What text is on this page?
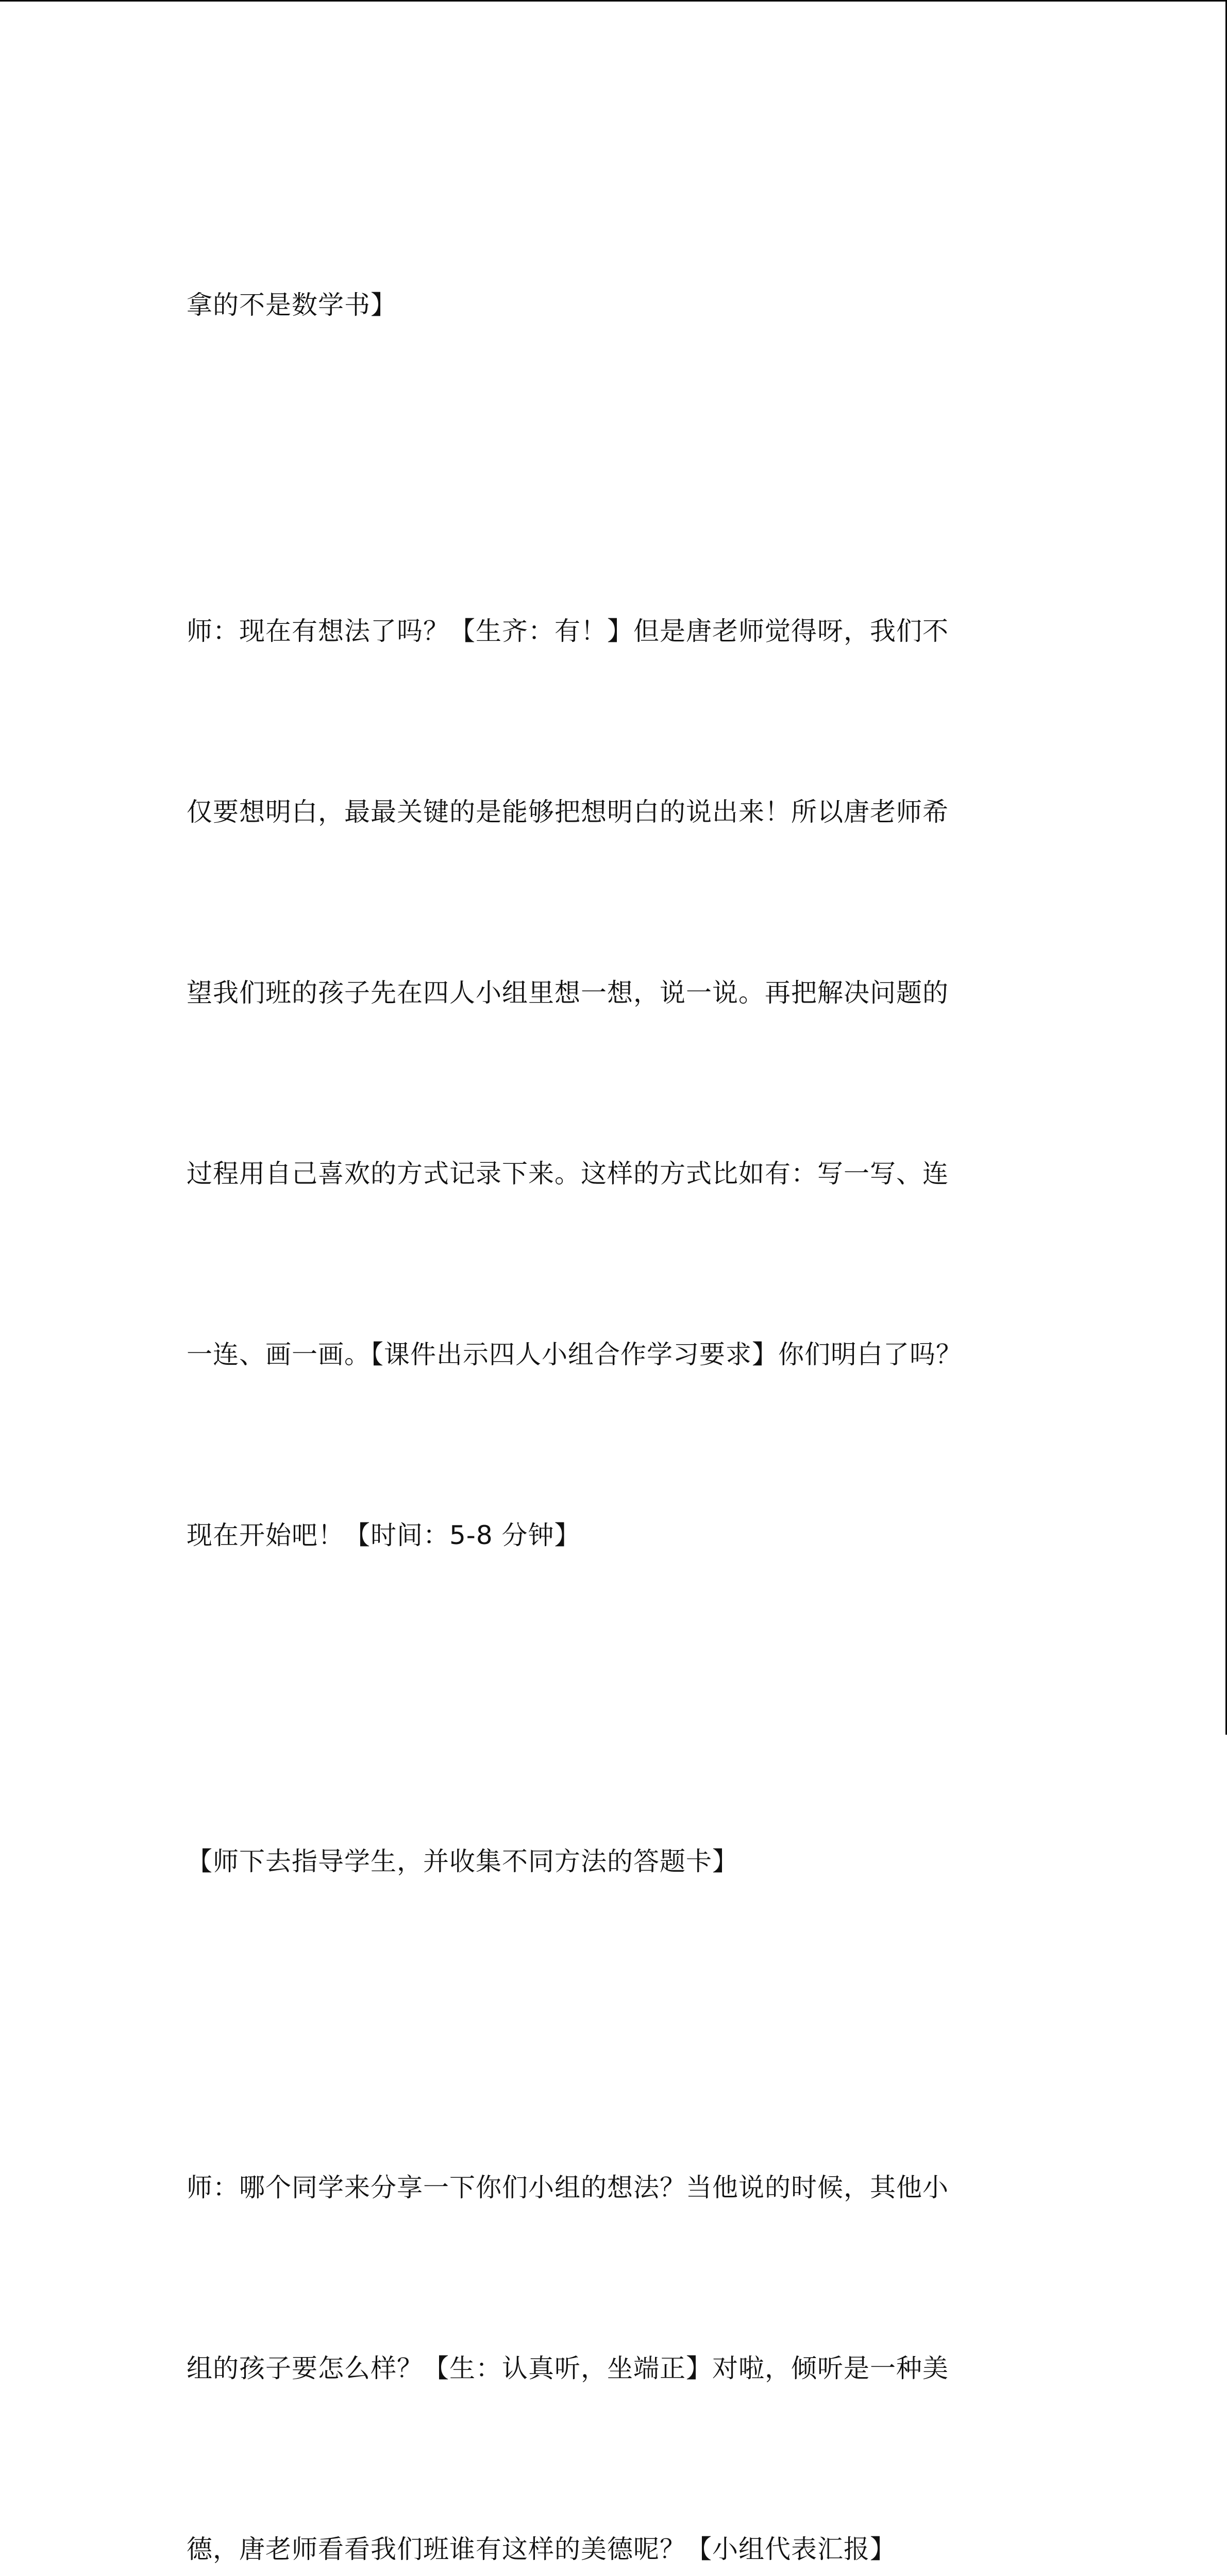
拿的不是数学书】

师：现在有想法了吗？【生齐：有！】但是唐老师觉得呀，我们不

仅要想明白，最最关键的是能够把想明白的说出来！所以唐老师希

望我们班的孩子先在四人小组里想一想，说一说。再把解决问题的

过程用自己喜欢的方式记录下来。这样的方式比如有：写一写、连

一连、画一画。【课件出示四人小组合作学习要求】你们明白了吗？

现在开始吧！【时间：5-8 分钟】

【师下去指导学生，并收集不同方法的答题卡】

师：哪个同学来分享一下你们小组的想法？当他说的时候，其他小

组的孩子要怎么样？【生：认真听，坐端正】对啦，倾听是一种美

德，唐老师看看我们班谁有这样的美德呢？【小组代表汇报】
